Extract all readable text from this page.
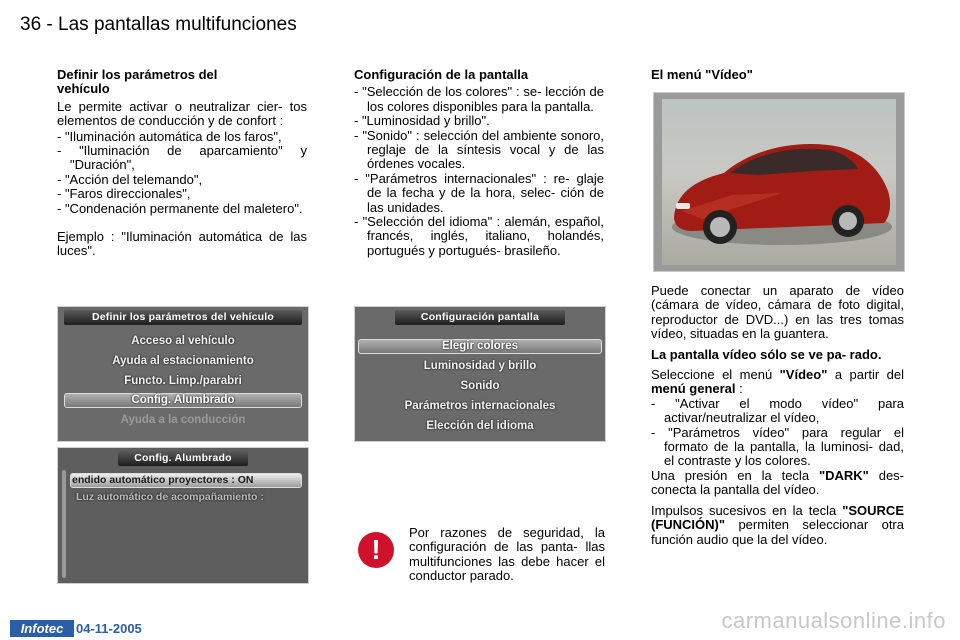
36 - Las pantallas multifunciones

Definir los parámetros del vehículo

Le permite activar o neutralizar cier- tos elementos de conducción y de confort :

- "Iluminación automática de los faros",

- "Iluminación de aparcamiento" y "Duración",

- "Acción del telemando",

- "Faros direccionales",

- "Condenación permanente del maletero".

Ejemplo : "Iluminación automática de las luces".

Definir los parámetros del vehículo
Acceso al vehículo
Ayuda al estacionamiento
Functo. Limp./parabri
Config. Alumbrado
Ayuda a la conducción
Config. Alumbrado
endido automático proyectores : ON
Luz automático de acompañamiento :

Configuración de la pantalla

- "Selección de los colores" : se- lección de los colores disponibles para la pantalla.

- "Luminosidad y brillo".

- "Sonido" : selección del ambiente sonoro, reglaje de la síntesis vocal y de las órdenes vocales.

- "Parámetros internacionales" : re- glaje de la fecha y de la hora, selec- ción de las unidades.

- "Selección del idioma" : alemán, español, francés, inglés, italiano, holandés, portugués y portugués- brasileño.

Configuración pantalla
Elegir colores
Luminosidad y brillo
Sonido
Parámetros internacionales
Elección del idioma
!

Por razones de seguridad, la configuración de las panta- llas multifunciones las debe hacer el conductor parado.

El menú "Vídeo"

Puede conectar un aparato de vídeo (cámara de vídeo, cámara de foto digital, reproductor de DVD...) en las tres tomas vídeo, situadas en la guantera.

La pantalla vídeo sólo se ve pa- rado.

Seleccione el menú "Vídeo" a partir del menú general :

- "Activar el modo vídeo" para activar/neutralizar el vídeo,

- "Parámetros vídeo" para regular el formato de la pantalla, la luminosi- dad, el contraste y los colores.

Una presión en la tecla "DARK" des- conecta la pantalla del vídeo.

Impulsos sucesivos en la tecla "SOURCE (FUNCIÓN)" permiten seleccionar otra función audio que la del vídeo.

Infotec 04-11-2005	carmanualsonline.info
